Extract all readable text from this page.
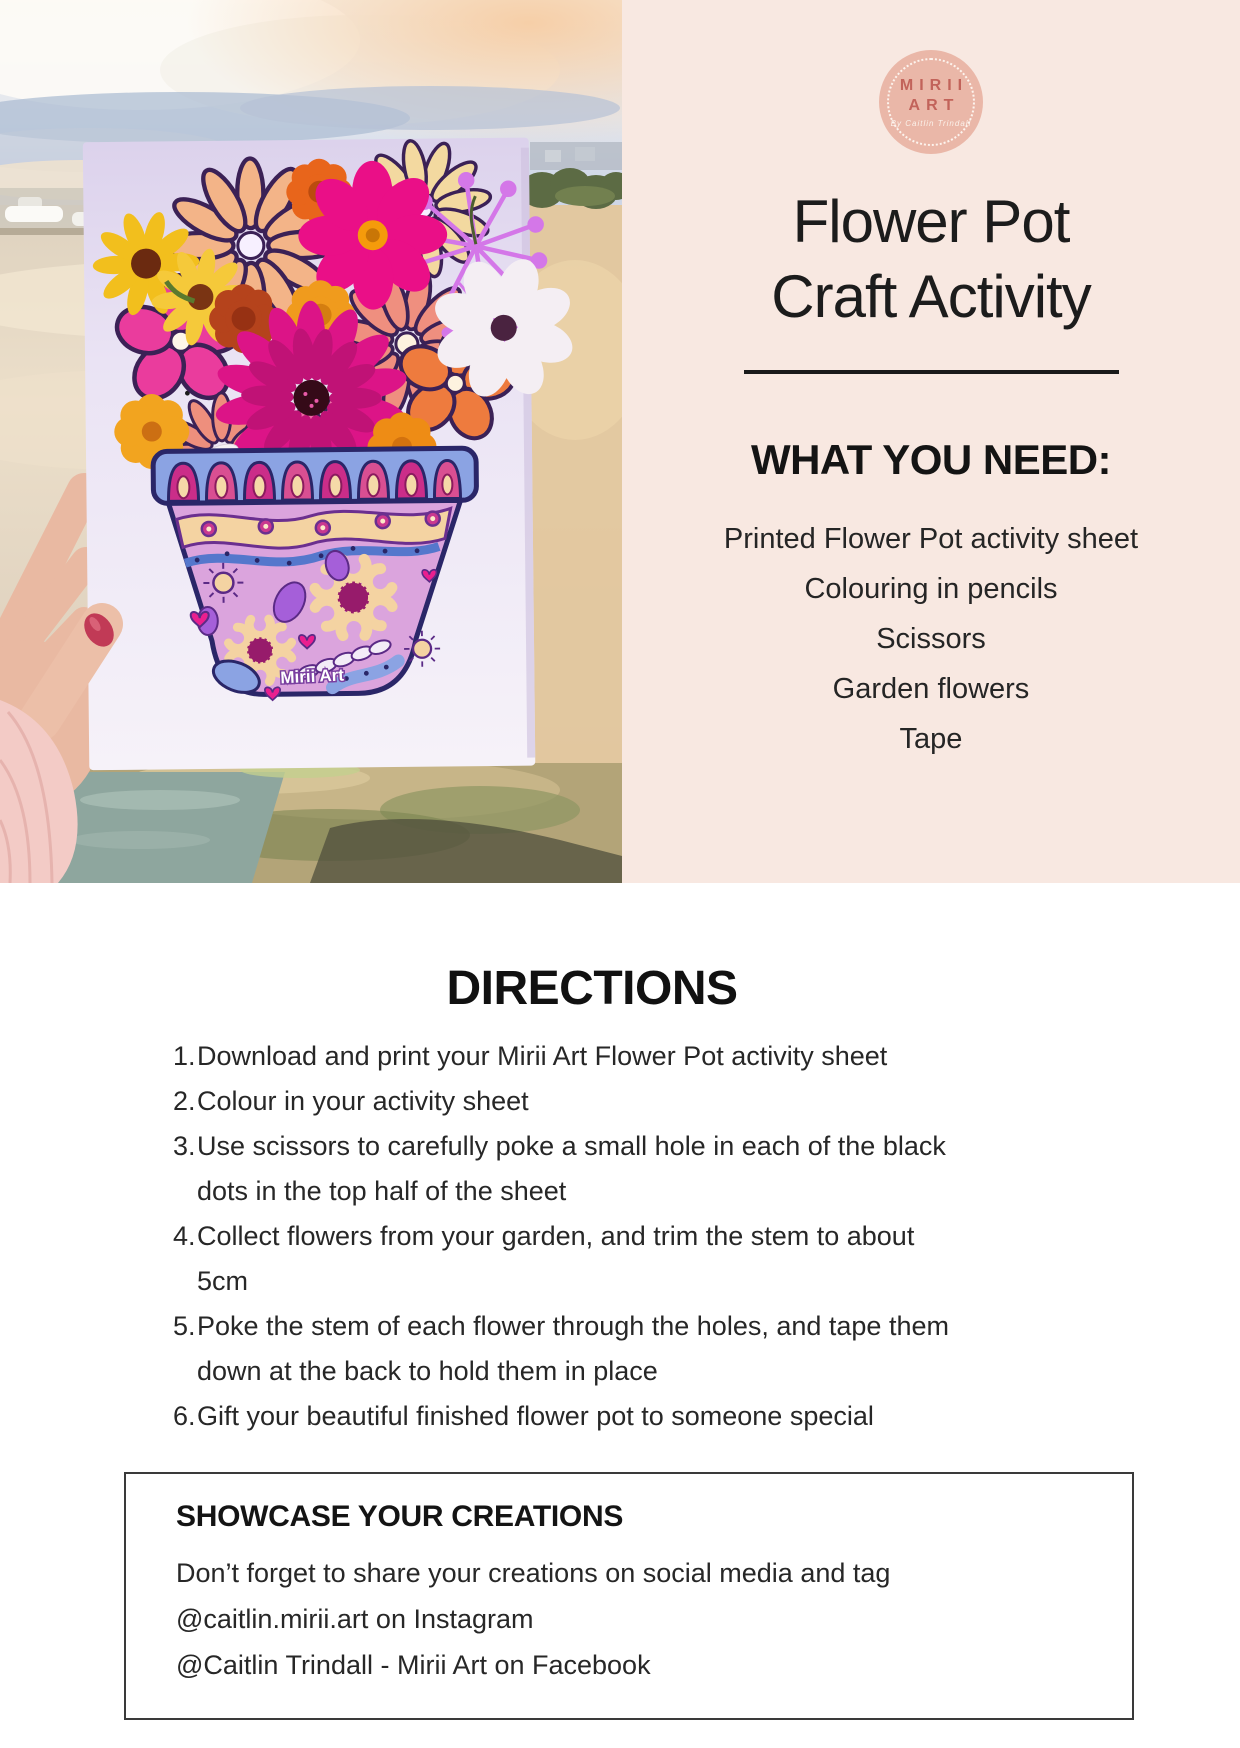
Mirii Art
MIRII
ART
By Caitlin Trindall
Flower Pot
Craft Activity
WHAT YOU NEED:
Printed Flower Pot activity sheet
Colouring in pencils
Scissors
Garden flowers
Tape
DIRECTIONS
1. Download and print your Mirii Art Flower Pot activity sheet
2. Colour in your activity sheet
3. Use scissors to carefully poke a small hole in each of the black
dots in the top half of the sheet
4. Collect flowers from your garden, and trim the stem to about
5cm
5. Poke the stem of each flower through the holes, and tape them
down at the back to hold them in place
6. Gift your beautiful finished flower pot to someone special
SHOWCASE YOUR CREATIONS
Don’t forget to share your creations on social media and tag
@caitlin.mirii.art on Instagram
@Caitlin Trindall - Mirii Art on Facebook
